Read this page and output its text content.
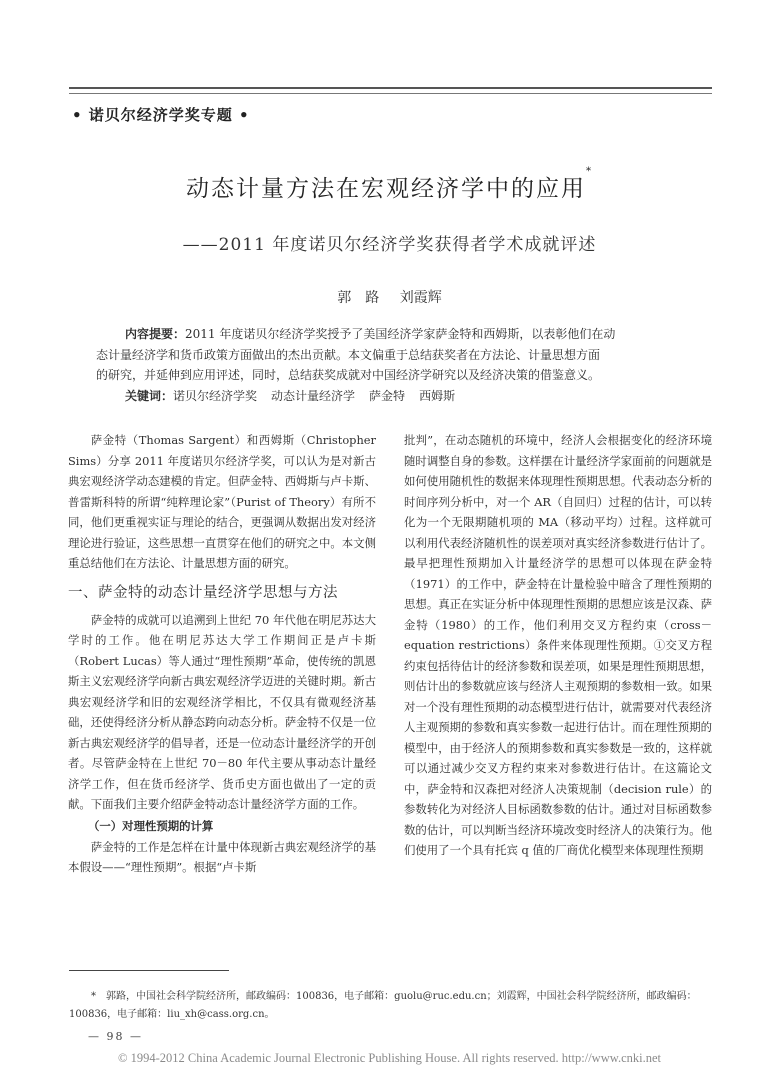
• 诺贝尔经济学奖专题 •
动态计量方法在宏观经济学中的应用*
——2011 年度诺贝尔经济学奖获得者学术成就评述
郭　路 刘霞辉
内容提要：2011 年度诺贝尔经济学奖授予了美国经济学家萨金特和西姆斯，以表彰他们在动
态计量经济学和货币政策方面做出的杰出贡献。本文偏重于总结获奖者在方法论、计量思想方面
的研究，并延伸到应用评述，同时，总结获奖成就对中国经济学研究以及经济决策的借鉴意义。
关键词：诺贝尔经济学奖 动态计量经济学 萨金特 西姆斯

萨金特（Thomas Sargent）和西姆斯（Christopher Sims）分享 2011 年度诺贝尔经济学奖，可以认为是对新古典宏观经济学动态建模的肯定。但萨金特、西姆斯与卢卡斯、普雷斯科特的所谓“纯粹理论家”（Purist of Theory）有所不同，他们更重视实证与理论的结合，更强调从数据出发对经济理论进行验证，这些思想一直贯穿在他们的研究之中。本文侧重总结他们在方法论、计量思想方面的研究。

一、萨金特的动态计量经济学思想与方法

萨金特的成就可以追溯到上世纪 70 年代他在明尼苏达大学时的工作。他在明尼苏达大学工作期间正是卢卡斯（Robert Lucas）等人通过“理性预期”革命，使传统的凯恩斯主义宏观经济学向新古典宏观经济学迈进的关键时期。新古典宏观经济学和旧的宏观经济学相比，不仅具有微观经济基础，还使得经济分析从静态跨向动态分析。萨金特不仅是一位新古典宏观经济学的倡导者，还是一位动态计量经济学的开创者。尽管萨金特在上世纪 70－80 年代主要从事动态计量经济学工作，但在货币经济学、货币史方面也做出了一定的贡献。下面我们主要介绍萨金特动态计量经济学方面的工作。

（一）对理性预期的计算

萨金特的工作是怎样在计量中体现新古典宏观经济学的基本假设——“理性预期”。根据“卢卡斯

批判”，在动态随机的环境中，经济人会根据变化的经济环境随时调整自身的参数。这样摆在计量经济学家面前的问题就是如何使用随机性的数据来体现理性预期思想。代表动态分析的时间序列分析中，对一个 AR（自回归）过程的估计，可以转化为一个无限期随机项的 MA（移动平均）过程。这样就可以利用代表经济随机性的误差项对真实经济参数进行估计了。最早把理性预期加入计量经济学的思想可以体现在萨金特（1971）的工作中，萨金特在计量检验中暗含了理性预期的思想。真正在实证分析中体现理性预期的思想应该是汉森、萨金特（1980）的工作，他们利用交叉方程约束（cross－equation restrictions）条件来体现理性预期。①交叉方程约束包括待估计的经济参数和误差项，如果是理性预期思想，则估计出的参数就应该与经济人主观预期的参数相一致。如果对一个没有理性预期的动态模型进行估计，就需要对代表经济人主观预期的参数和真实参数一起进行估计。而在理性预期的模型中，由于经济人的预期参数和真实参数是一致的，这样就可以通过减少交叉方程约束来对参数进行估计。在这篇论文中，萨金特和汉森把对经济人决策规制（decision rule）的参数转化为对经济人目标函数参数的估计。通过对目标函数参数的估计，可以判断当经济环境改变时经济人的决策行为。他们使用了一个具有托宾 q 值的厂商优化模型来体现理性预期

*　 郭路，中国社会科学院经济所，邮政编码：100836，电子邮箱：guolu@ruc.edu.cn；刘霞辉，中国社会科学院经济所，邮政编码：100836，电子邮箱：liu_xh@cass.org.cn。
— 98 —
© 1994-2012 China Academic Journal Electronic Publishing House. All rights reserved. http://www.cnki.net
